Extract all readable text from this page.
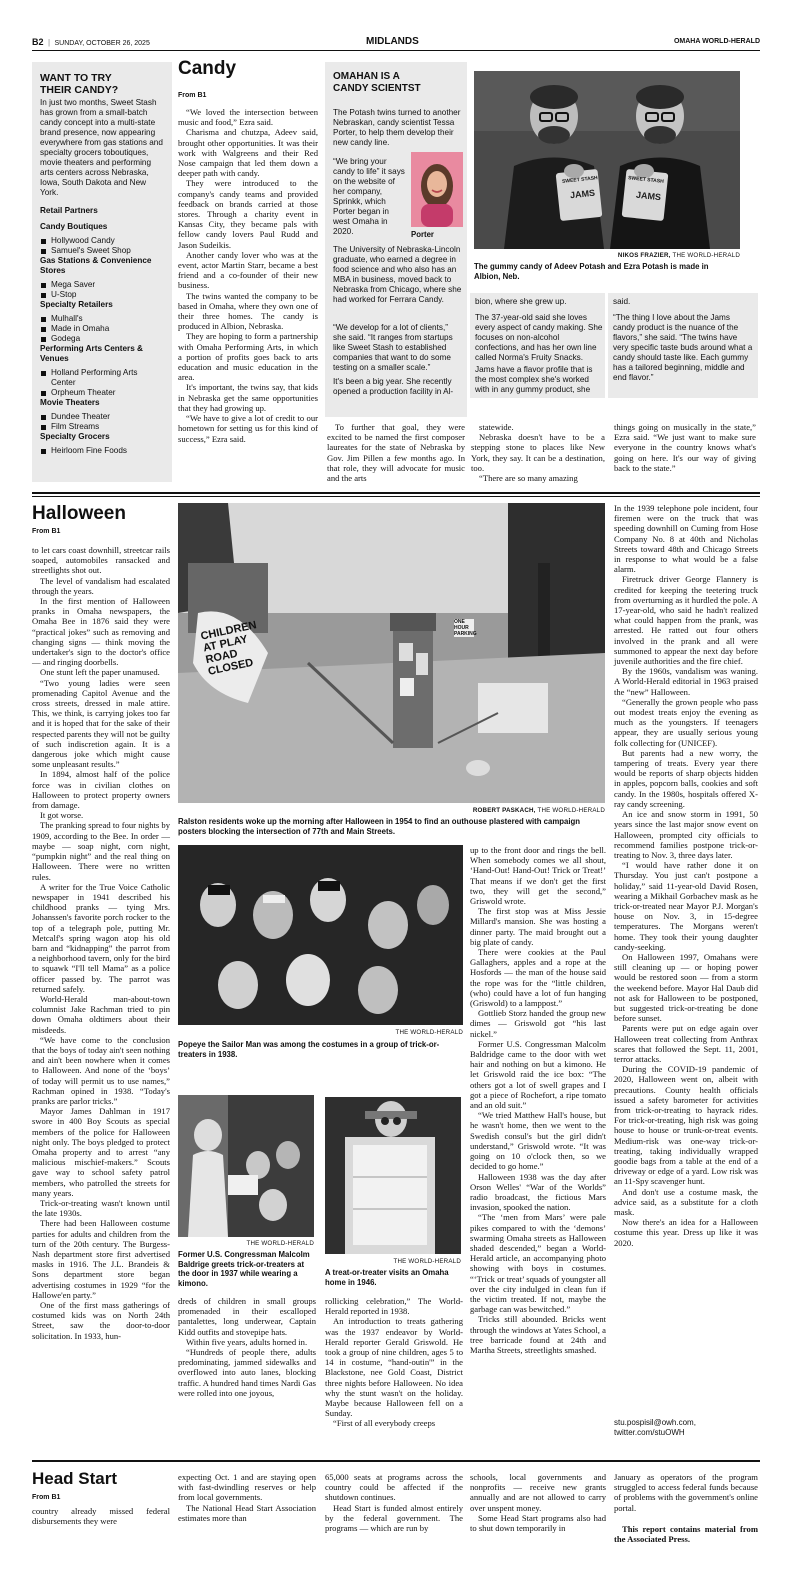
B2  |  SUNDAY, OCTOBER 26, 2025	MIDLANDS	OMAHA WORLD-HERALD
WANT TO TRY THEIR CANDY?
In just two months, Sweet Stash has grown from a small-batch candy concept into a multi-state brand presence, now appearing everywhere from gas stations and specialty grocers toboutiques, movie theaters and performing arts centers across Nebraska, Iowa, South Dakota and New York.
Retail Partners
Candy Boutiques
Hollywood Candy
Samuel's Sweet Shop
Gas Stations & Convenience Stores
Mega Saver
U-Stop
Specialty Retailers
Mulhall's
Made in Omaha
Godega
Performing Arts Centers & Venues
Holland Performing Arts Center
Orpheum Theater
Movie Theaters
Dundee Theater
Film Streams
Specialty Grocers
Heirloom Fine Foods
Candy
From B1

“We loved the intersection between music and food,” Ezra said.

Charisma and chutzpa, Adeev said, brought other opportunities. It was their work with Walgreens and their Red Nose campaign that led them down a deeper path with candy.

They were introduced to the company's candy teams and provided feedback on brands carried at those stores. Through a charity event in Kansas City, they became pals with fellow candy lovers Paul Rudd and Jason Sudeikis.

Another candy lover who was at the event, actor Martin Starr, became a best friend and a co-founder of their new business.

The twins wanted the company to be based in Omaha, where they own one of their three homes. The candy is produced in Albion, Nebraska.

They are hoping to form a partnership with Omaha Performing Arts, in which a portion of profits goes back to arts education and music education in the area.

It's important, the twins say, that kids in Nebraska get the same opportunities that they had growing up.

“We have to give a lot of credit to our hometown for setting us for this kind of success,” Ezra said.

To further that goal, they were excited to be named the first composer laureates for the state of Nebraska by Gov. Jim Pillen a few months ago. In that role, they will advocate for music and the arts

statewide.

Nebraska doesn't have to be a stepping stone to places like New York, they say. It can be a destination, too.

“There are so many amazing

things going on musically in the state,” Ezra said. “We just want to make sure everyone in the country knows what's going on here. It's our way of giving back to the state.”

OMAHAN IS A CANDY SCIENTST
The Potash twins turned to another Nebraskan, candy scientist Tessa Porter, to help them develop their new candy line.
“We bring your candy to life” it says on the website of her company, Sprinkk, which Porter began in west Omaha in 2020.	Porter
The University of Nebraska-Lincoln graduate, who earned a degree in food science and who also has an MBA in business, moved back to Nebraska from Chicago, where she had worked for Ferrara Candy.
“We develop for a lot of clients,” she said. “It ranges from startups like Sweet Stash to established companies that want to do some testing on a smaller scale.”
It's been a big year. She recently opened a production facility in Al-
bion, where she grew up.
The 37-year-old said she loves every aspect of candy making. She focuses on non-alcohol confections, and has her own line called Norma's Fruity Snacks.
Jams have a flavor profile that is the most complex she's worked with in any gummy product, she
said.
“The thing I love about the Jams candy product is the nuance of the flavors,” she said. “The twins have very specific taste buds around what a candy should taste like. Each gummy has a tailored beginning, middle and end flavor.”
SWEET STASH
JAMS
SWEET STASH
JAMS
NIKOS FRAZIER, THE WORLD-HERALD
The gummy candy of Adeev Potash and Ezra Potash is made in Albion, Neb.
Halloween
From B1

to let cars coast downhill, streetcar rails soaped, automobiles ransacked and streetlights shot out.

The level of vandalism had escalated through the years.

In the first mention of Halloween pranks in Omaha newspapers, the Omaha Bee in 1876 said they were “practical jokes” such as removing and changing signs — think moving the undertaker's sign to the doctor's office — and ringing doorbells.

One stunt left the paper unamused.

“Two young ladies were seen promenading Capitol Avenue and the cross streets, dressed in male attire. This, we think, is carrying jokes too far and it is hoped that for the sake of their respected parents they will not be guilty of such indiscretion again. It is a dangerous joke which might cause some unpleasant results.”

In 1894, almost half of the police force was in civilian clothes on Halloween to protect property owners from damage.

It got worse.

The pranking spread to four nights by 1909, according to the Bee. In order — maybe — soap night, corn night, “pumpkin night” and the real thing on Halloween. There were no written rules.

A writer for the True Voice Catholic newspaper in 1941 described his childhood pranks — tying Mrs. Johanssen's favorite porch rocker to the top of a telegraph pole, putting Mr. Metcalf's spring wagon atop his old barn and “kidnapping” the parrot from a neighborhood tavern, only for the bird to squawk “I'll tell Mama” as a police officer passed by. The parrot was returned safely.

World-Herald man-about-town columnist Jake Rachman tried to pin down Omaha oldtimers about their misdeeds.

“We have come to the conclusion that the boys of today ain't seen nothing and ain't been nowhere when it comes to Halloween. And none of the ‘boys’ of today will permit us to use names,” Rachman opined in 1938. “Today's pranks are parlor tricks.”

Mayor James Dahlman in 1917 swore in 400 Boy Scouts as special members of the police for Halloween night only. The boys pledged to protect Omaha property and to arrest “any malicious mischief-makers.” Scouts gave way to school safety patrol members, who patrolled the streets for many years.

Trick-or-treating wasn't known until the late 1930s.

There had been Halloween costume parties for adults and children from the turn of the 20th century. The Burgess-Nash department store first advertised masks in 1916. The J.L. Brandeis & Sons department store began advertising costumes in 1929 “for the Hallowe'en party.”

One of the first mass gatherings of costumed kids was on North 24th Street, saw the door-to-door solicitation. In 1933, hun-

CHILDREN AT PLAY ROAD CLOSED
ONE HOUR PARKING
ROBERT PASKACH, THE WORLD-HERALD
Ralston residents woke up the morning after Halloween in 1954 to find an outhouse plastered with campaign posters blocking the intersection of 77th and Main Streets.
THE WORLD-HERALD
Popeye the Sailor Man was among the costumes in a group of trick-or-treaters in 1938.
THE WORLD-HERALD
Former U.S. Congressman Malcolm Baldrige greets trick-or-treaters at the door in 1937 while wearing a kimono.
THE WORLD-HERALD
A treat-or-treater visits an Omaha home in 1946.

dreds of children in small groups promenaded in their escalloped pantalettes, long underwear, Captain Kidd outfits and stovepipe hats.

Within five years, adults horned in.

“Hundreds of people there, adults predominating, jammed sidewalks and overflowed into auto lanes, blocking traffic. A hundred hand times Nardi Gas were rolled into one joyous,

rollicking celebration,” The World-Herald reported in 1938.

An introduction to treats gathering was the 1937 endeavor by World-Herald reporter Gerald Griswold. He took a group of nine children, ages 5 to 14 in costume, “hand-outin'” in the Blackstone, nee Gold Coast, District three nights before Halloween. No idea why the stunt wasn't on the holiday. Maybe because Halloween fell on a Sunday.

“First of all everybody creeps

up to the front door and rings the bell. When somebody comes we all shout, ‘Hand-Out! Hand-Out! Trick or Treat!’ That means if we don't get the first two, they will get the second,” Griswold wrote.

The first stop was at Miss Jessie Millard's mansion. She was hosting a dinner party. The maid brought out a big plate of candy.

There were cookies at the Paul Gallaghers, apples and a rope at the Hosfords — the man of the house said the rope was for the “little children, (who) could have a lot of fun hanging (Griswold) to a lamppost.”

Gottlieb Storz handed the group new dimes — Griswold got “his last nickel.”

Former U.S. Congressman Malcolm Baldridge came to the door with wet hair and nothing on but a kimono. He let Griswold raid the ice box: “The others got a lot of swell grapes and I got a piece of Rochefort, a ripe tomato and an old suit.”

“We tried Matthew Hall's house, but he wasn't home, then we went to the Swedish consul's but the girl didn't understand,” Griswold wrote. “It was going on 10 o'clock then, so we decided to go home.”

Halloween 1938 was the day after Orson Welles' “War of the Worlds” radio broadcast, the fictious Mars invasion, spooked the nation.

“The ‘men from Mars’ were pale pikes compared to with the ‘demons’ swarming Omaha streets as Halloween shaded descended,” began a World-Herald article, an accompanying photo showing with boys in costumes. “‘Trick or treat’ squads of youngster all over the city indulged in clean fun if the victim treated. If not, maybe the garbage can was bewitched.”

Tricks still abounded. Bricks went through the windows at Yates School, a tree barricade found at 24th and Martha Streets, streetlights smashed.

In the 1939 telephone pole incident, four firemen were on the truck that was speeding downhill on Cuming from Hose Company No. 8 at 40th and Nicholas Streets toward 48th and Chicago Streets in response to what would be a false alarm.

Firetruck driver George Flannery is credited for keeping the teetering truck from overturning as it hurdled the pole. A 17-year-old, who said he hadn't realized what could happen from the prank, was arrested. He ratted out four others involved in the prank and all were summoned to appear the next day before juvenile authorities and the fire chief.

By the 1960s, vandalism was waning. A World-Herald editorial in 1963 praised the “new” Halloween.

“Generally the grown people who pass out modest treats enjoy the evening as much as the youngsters. If teenagers appear, they are usually serious young folk collecting for (UNICEF).

But parents had a new worry, the tampering of treats. Every year there would be reports of sharp objects hidden in apples, popcorn balls, cookies and soft candy. In the 1980s, hospitals offered X-ray candy screening.

An ice and snow storm in 1991, 50 years since the last major snow event on Halloween, prompted city officials to recommend families postpone trick-or-treating to Nov. 3, three days later.

“I would have rather done it on Thursday. You just can't postpone a holiday,” said 11-year-old David Rosen, wearing a Mikhail Gorbachev mask as he trick-or-treated near Mayor P.J. Morgan's house on Nov. 3, in 15-degree temperatures. The Morgans weren't home. They took their young daughter candy-seeking.

On Halloween 1997, Omahans were still cleaning up — or hoping power would be restored soon — from a storm the weekend before. Mayor Hal Daub did not ask for Halloween to be postponed, but suggested trick-or-treating be done before sunset.

Parents were put on edge again over Halloween treat collecting from Anthrax scares that followed the Sept. 11, 2001, terror attacks.

During the COVID-19 pandemic of 2020, Halloween went on, albeit with precautions. County health officials issued a safety barometer for activities from trick-or-treating to hayrack rides. For trick-or-treating, high risk was going house to house or trunk-or-treat events. Medium-risk was one-way trick-or-treating, taking individually wrapped goodie bags from a table at the end of a driveway or edge of a yard. Low risk was an 11-Spy scavenger hunt.

And don't use a costume mask, the advice said, as a substitute for a cloth mask.

Now there's an idea for a Halloween costume this year. Dress up like it was 2020.

stu.pospisil@owh.com, twitter.com/stuOWH
Head Start
From B1

country already missed federal disbursements they were

expecting Oct. 1 and are staying open with fast-dwindling reserves or help from local governments.

The National Head Start Association estimates more than

65,000 seats at programs across the country could be affected if the shutdown continues.

Head Start is funded almost entirely by the federal government. The programs — which are run by

schools, local governments and nonprofits — receive new grants annually and are not allowed to carry over unspent money.

Some Head Start programs also had to shut down temporarily in

January as operators of the program struggled to access federal funds because of problems with the government's online portal.

This report contains material from the Associated Press.
